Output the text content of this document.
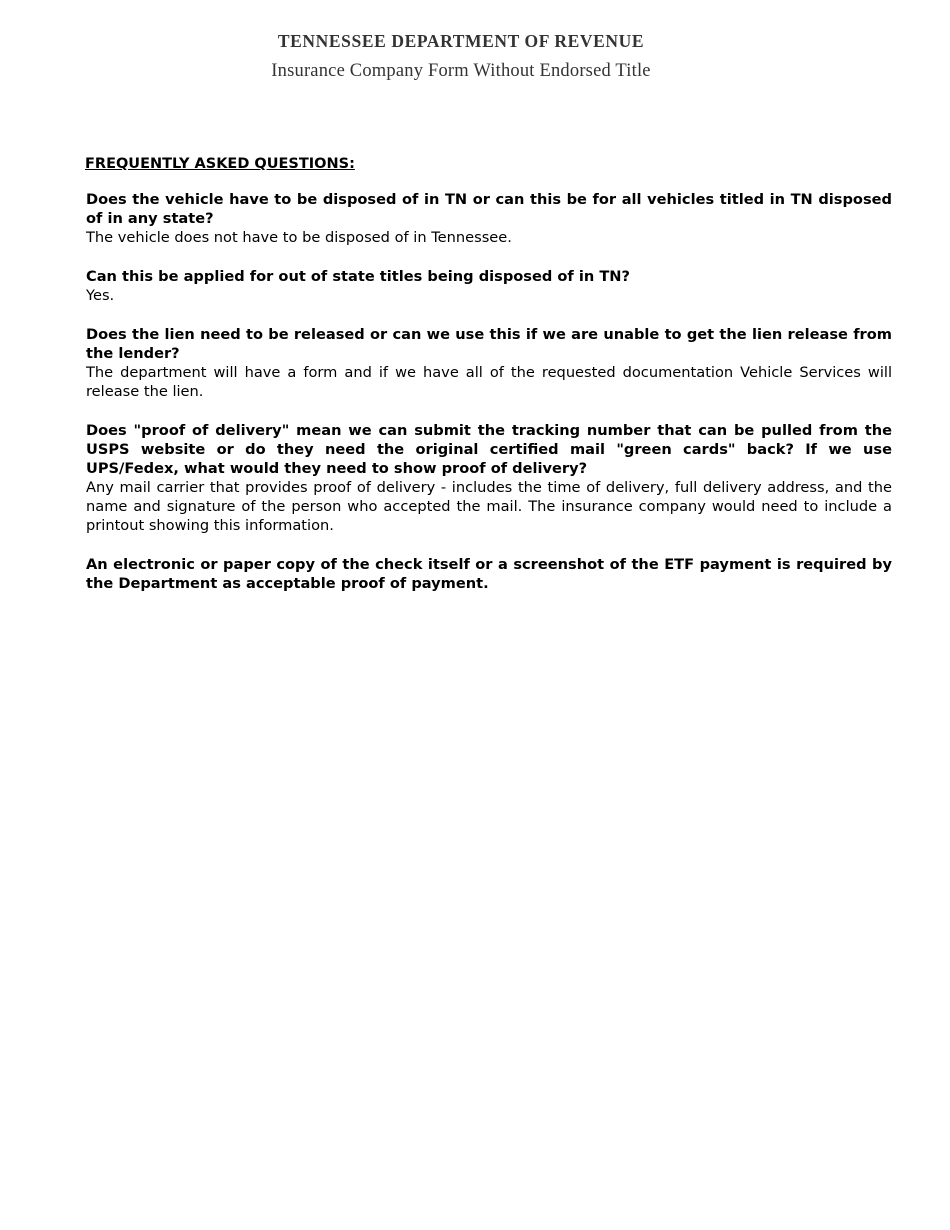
TENNESSEE DEPARTMENT OF REVENUE
Insurance Company Form Without Endorsed Title
FREQUENTLY ASKED QUESTIONS:

Does the vehicle have to be disposed of in TN or can this be for all vehicles titled in TN disposed of in any state?

The vehicle does not have to be disposed of in Tennessee.

Can this be applied for out of state titles being disposed of in TN?

Yes.

Does the lien need to be released or can we use this if we are unable to get the lien release from the lender?

The department will have a form and if we have all of the requested documentation Vehicle Services will release the lien.

Does "proof of delivery" mean we can submit the tracking number that can be pulled from the USPS website or do they need the original certified mail "green cards" back? If we use UPS/Fedex, what would they need to show proof of delivery?

Any mail carrier that provides proof of delivery - includes the time of delivery, full delivery address, and the name and signature of the person who accepted the mail. The insurance company would need to include a printout showing this information.

An electronic or paper copy of the check itself or a screenshot of the ETF payment is required by the Department as acceptable proof of payment.
